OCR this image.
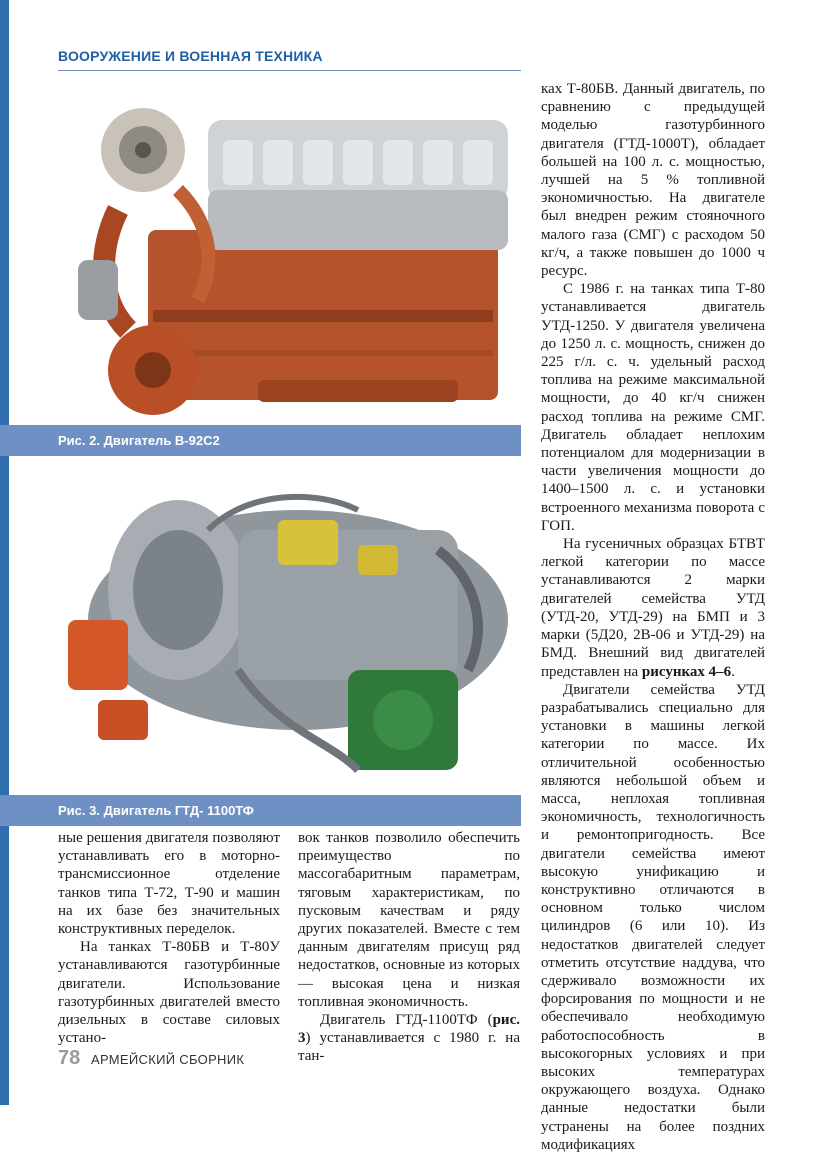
ВООРУЖЕНИЕ И ВОЕННАЯ ТЕХНИКА
Рис. 2. Двигатель В-92С2
Рис. 3. Двигатель ГТД- 1100ТФ

ные решения двигателя позволяют устанавливать его в моторно-трансмиссионное отделение танков типа Т-72, Т-90 и машин на их базе без значительных конструктивных переделок.

На танках Т-80БВ и Т-80У устанавливаются газотурбинные двигатели. Использование газотурбинных двигателей вместо дизельных в составе силовых устано-

вок танков позволило обеспечить преимущество по массогабаритным параметрам, тяговым характеристикам, по пусковым качествам и ряду других показателей. Вместе с тем данным двигателям присущ ряд недостатков, основные из которых — высокая цена и низкая топливная экономичность.

Двигатель ГТД-1100ТФ (рис. 3) устанавливается с 1980 г. на тан-

ках Т-80БВ. Данный двигатель, по сравнению с предыдущей моделью газотурбинного двигателя (ГТД-1000Т), обладает большей на 100 л. с. мощностью, лучшей на 5 % топливной экономичностью. На двигателе был внедрен режим стояночного малого газа (СМГ) с расходом 50 кг/ч, а также повышен до 1000 ч ресурс.

С 1986 г. на танках типа Т-80 устанавливается двигатель УТД-1250. У двигателя увеличена до 1250 л. с. мощность, снижен до 225 г/л. с. ч. удельный расход топлива на режиме максимальной мощности, до 40 кг/ч снижен расход топлива на режиме СМГ. Двигатель обладает неплохим потенциалом для модернизации в части увеличения мощности до 1400–1500 л. с. и установки встроенного механизма поворота с ГОП.

На гусеничных образцах БТВТ легкой категории по массе устанавливаются 2 марки двигателей семейства УТД (УТД-20, УТД-29) на БМП и 3 марки (5Д20, 2В-06 и УТД-29) на БМД. Внешний вид двигателей представлен на рисунках 4–6.

Двигатели семейства УТД разрабатывались специально для установки в машины легкой категории по массе. Их отличительной особенностью являются небольшой объем и масса, неплохая топливная экономичность, технологичность и ремонтопригодность. Все двигатели семейства имеют высокую унификацию и конструктивно отличаются в основном только числом цилиндров (6 или 10). Из недостатков двигателей следует отметить отсутствие наддува, что сдерживало возможности их форсирования по мощности и не обеспечивало необходимую работоспособность в высокогорных условиях и при высоких температурах окружающего воздуха. Однако данные недостатки были устранены на более поздних модификациях

78 АРМЕЙСКИЙ СБОРНИК
